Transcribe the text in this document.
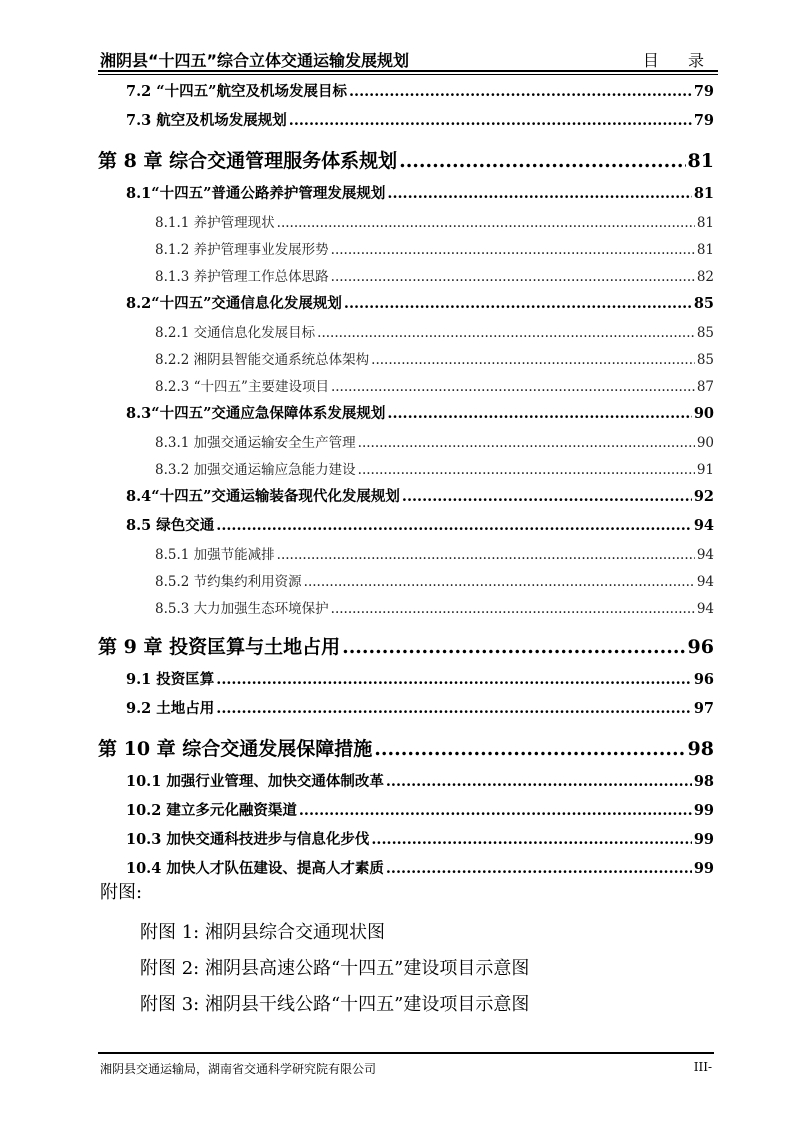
湘阴县“十四五”综合立体交通运输发展规划	目 录
7.2 “十四五”航空及机场发展目标 .....	79
7.3 航空及机场发展规划 .....	79
第 8 章 综合交通管理服务体系规划 .....	81
8.1“十四五”普通公路养护管理发展规划 .....	81
8.1.1 养护管理现状 .....	81
8.1.2 养护管理事业发展形势 .....	81
8.1.3 养护管理工作总体思路 .....	82
8.2“十四五”交通信息化发展规划 .....	85
8.2.1 交通信息化发展目标 .....	85
8.2.2 湘阴县智能交通系统总体架构 .....	85
8.2.3 “十四五”主要建设项目 .....	87
8.3“十四五”交通应急保障体系发展规划 .....	90
8.3.1 加强交通运输安全生产管理 .....	90
8.3.2 加强交通运输应急能力建设 .....	91
8.4“十四五”交通运输装备现代化发展规划 .....	92
8.5 绿色交通 .....	94
8.5.1 加强节能减排 .....	94
8.5.2 节约集约利用资源 .....	94
8.5.3 大力加强生态环境保护 .....	94
第 9 章 投资匡算与土地占用 .....	96
9.1 投资匡算 .....	96
9.2 土地占用 .....	97
第 10 章 综合交通发展保障措施 .....	98
10.1 加强行业管理、加快交通体制改革 .....	98
10.2 建立多元化融资渠道 .....	99
10.3 加快交通科技进步与信息化步伐 .....	99
10.4 加快人才队伍建设、提高人才素质 .....	99
附图:
附图 1: 湘阴县综合交通现状图
附图 2: 湘阴县高速公路“十四五”建设项目示意图
附图 3: 湘阴县干线公路“十四五”建设项目示意图
湘阴县交通运输局，湖南省交通科学研究院有限公司	III-
